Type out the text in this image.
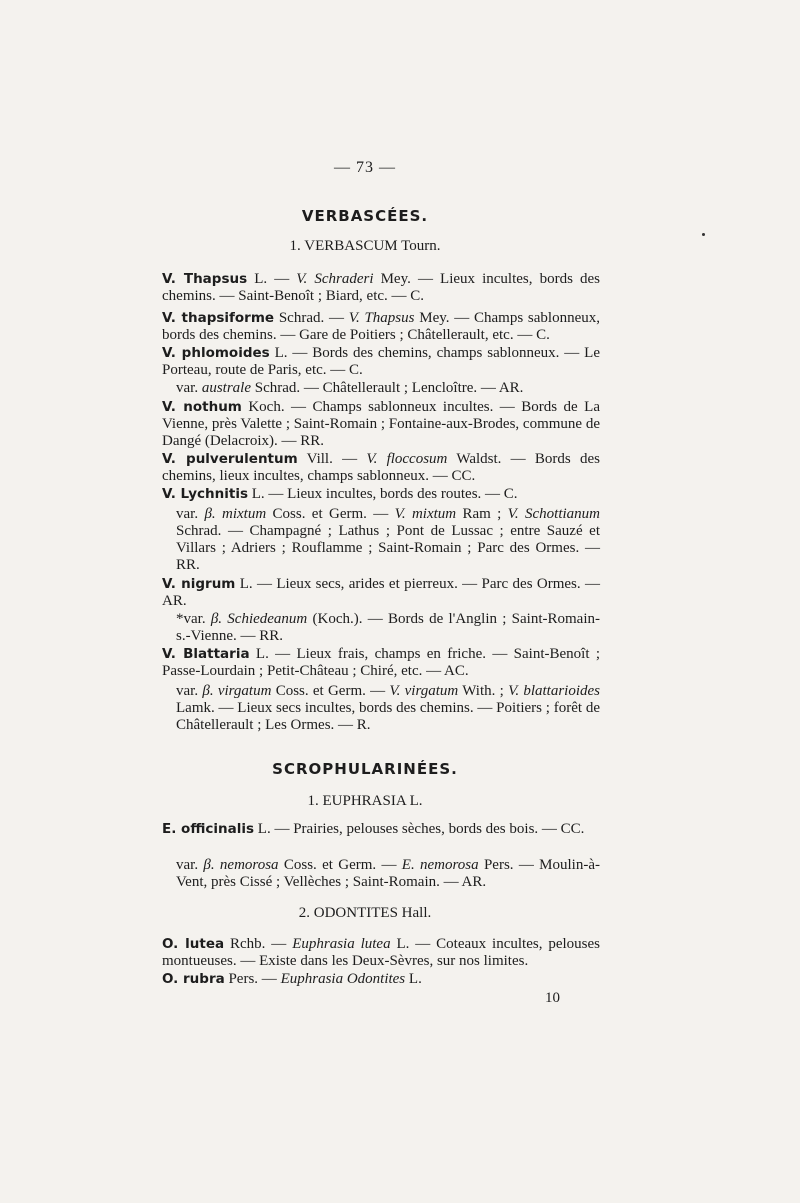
— 73 —
VERBASCÉES.
1. VERBASCUM Tourn.
V. Thapsus L. — V. Schraderi Mey. — Lieux incultes, bords des chemins. — Saint-Benoît ; Biard, etc. — C.
V. thapsiforme Schrad. — V. Thapsus Mey. — Champs sablonneux, bords des chemins. — Gare de Poitiers ; Châtellerault, etc. — C.
V. phlomoides L. — Bords des chemins, champs sablonneux. — Le Porteau, route de Paris, etc. — C.
var. australe Schrad. — Châtellerault ; Lencloître. — AR.
V. nothum Koch. — Champs sablonneux incultes. — Bords de La Vienne, près Valette ; Saint-Romain ; Fontaine-aux-Brodes, commune de Dangé (Delacroix). — RR.
V. pulverulentum Vill. — V. floccosum Waldst. — Bords des chemins, lieux incultes, champs sablonneux. — CC.
V. Lychnitis L. — Lieux incultes, bords des routes. — C.
var. β. mixtum Coss. et Germ. — V. mixtum Ram ; V. Schottianum Schrad. — Champagné ; Lathus ; Pont de Lussac ; entre Sauzé et Villars ; Adriers ; Rouflamme ; Saint-Romain ; Parc des Ormes. — RR.
V. nigrum L. — Lieux secs, arides et pierreux. — Parc des Ormes. — AR.
*var. β. Schiedeanum (Koch.). — Bords de l'Anglin ; Saint-Romain-s.-Vienne. — RR.
V. Blattaria L. — Lieux frais, champs en friche. — Saint-Benoît ; Passe-Lourdain ; Petit-Château ; Chiré, etc. — AC.
var. β. virgatum Coss. et Germ. — V. virgatum With. ; V. blattarioides Lamk. — Lieux secs incultes, bords des chemins. — Poitiers ; forêt de Châtellerault ; Les Ormes. — R.
SCROPHULARINÉES.
1. EUPHRASIA L.
E. officinalis L. — Prairies, pelouses sèches, bords des bois. — CC.
var. β. nemorosa Coss. et Germ. — E. nemorosa Pers. — Moulin-à-Vent, près Cissé ; Vellèches ; Saint-Romain. — AR.
2. ODONTITES Hall.
O. lutea Rchb. — Euphrasia lutea L. — Coteaux incultes, pelouses montueuses. — Existe dans les Deux-Sèvres, sur nos limites.
O. rubra Pers. — Euphrasia Odontites L.
10
